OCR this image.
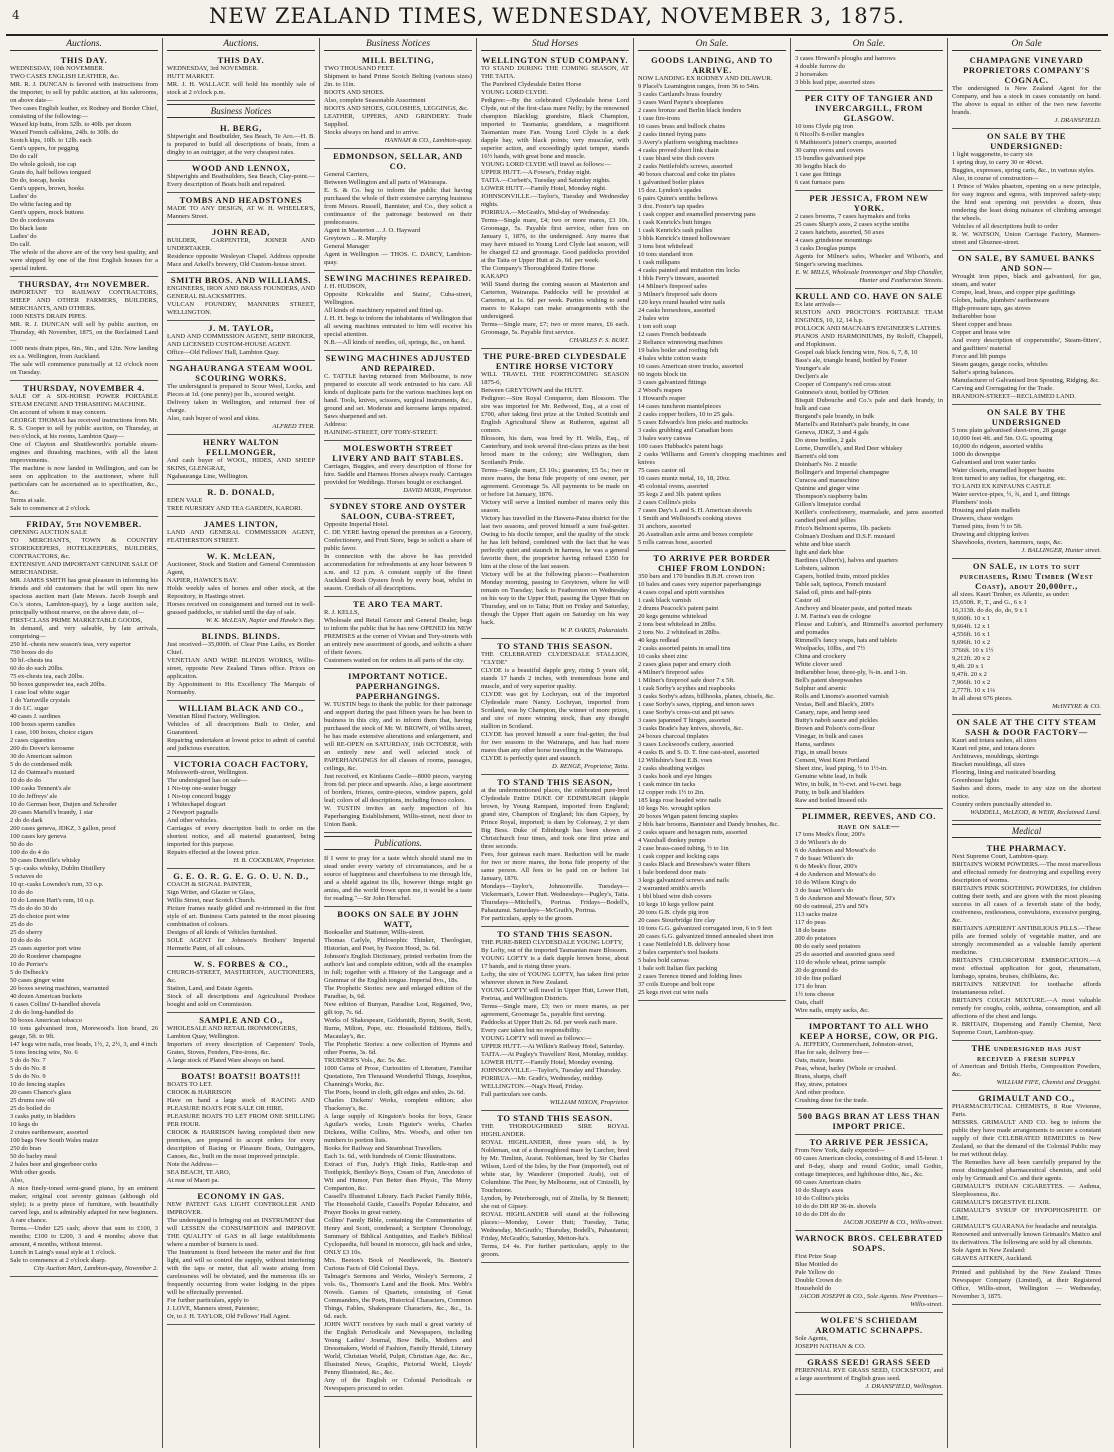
4	NEW ZEALAND TIMES, WEDNESDAY, NOVEMBER 3, 1875.
Auctions.
THIS DAY.
WEDNESDAY, 10th NOVEMBER.
TWO CASES ENGLISH LEATHER, &c.
MR. R. J. DUNCAN is favored with instructions from the importer, to sell by public auction, at his salerooms, on above date—
Two cases English leather, ex Rodney and Border Chief, consisting of the following:—
Waxed kip butts, from 32lb. to 40lb. per dozen
Waxed French calfskins, 24lb. to 30lb. do
Scotch kips, 10lb. to 12lb. each
Gent's uppers, for pegging
Do do calf
Do whole golosh, toe cap
Grain do, half bellows tongued
Do do, toecap, hooks
Gent's uppers, brown, hooks
Ladies' do
Do white facing and tip
Gent's uppers, mock buttons
Do do cordovans
Do black laste
Ladies' do
Do calf.
The whole of the above are of the very best quality, and were shipped by one of the first English houses for a special indent.
THURSDAY, 4th NOVEMBER.
IMPORTANT TO RAILWAY CONTRACTORS, SHEEP AND OTHER FARMERS, BUILDERS, MERCHANTS, AND OTHERS.
1000 NESTS DRAIN PIPES.
MR. R. J. DUNCAN will sell by public auction, on Thursday, 4th November, 1875, on the Reclaimed Land—
1000 nests drain pipes, 6in., 9in., and 12in. Now landing ex s.s. Wellington, from Auckland.
The sale will commence punctually at 12 o'clock noon on Tuesday.
THURSDAY, NOVEMBER 4.
SALE OF A SIX-HORSE POWER PORTABLE STEAM ENGINE AND THRASHING MACHINE.
On account of whom it may concern.
GEORGE THOMAS has received instructions from Mr. R. S. Cooper to sell by public auction, on Thursday, at two o'clock, at his rooms, Lambton Quay—
One of Clayton and Shuttleworth's portable steam-engines and thrashing machines, with all the latest improvements.
The machine is now landed in Wellington, and can be seen on application to the auctioneer, where full particulars can be ascertained as to specification, &c., &c.
Terms at sale.
Sale to commence at 2 o'clock.
FRIDAY, 5th NOVEMBER.
OPENING AUCTION SALE
TO MERCHANTS, TOWN & COUNTRY STOREKEEPERS, HOTELKEEPERS, BUILDERS, CONTRACTORS, &c.
EXTENSIVE AND IMPORTANT GENUINE SALE OF MERCHANDISE.
MR. JAMES SMITH has great pleasure in informing his friends and old customers that he will open his new spacious auction mart (late Messrs. Jacob Joseph and Co.'s stores, Lambton-quay), by a large auction sale, principally without reserve, on the above date, of—
FIRST-CLASS PRIME MARKETABLE GOODS,
In demand, and very saleable, by late arrivals, comprising—
250 hf.-chests new season's teas, very superior
750 boxes do do
50 hf.-chests tea
60 do do each 20lbs.
75 ex-chests tea, each 20lbs.
50 boxes gunpowder tea, each 20lbs.
1 case loaf white sugar
1 do Yarraville crystals
3 do I.C. sugar
40 cases J. sardines
100 boxes sperm candles
1 case, 100 boxes, choice cigars
2 cases cigarettes
200 do Dover's kerosene
30 do American salmon
5 do do condensed milk
12 do Oatmeal's mustard
10 do do do
100 casks Tennent's ale
10 do Jeffreys' ale
10 do German beer, Duijen and Schroder
20 cases Martell's brandy, 1 star
2 do do dark
200 cases geneva, JDKZ, 3 gallon, proof
100 cases key geneva
50 do do
100 do do 4 do
50 cases Dunville's whisky
5 qr.-casks whisky, Dublin Distillery
5 octaves do
10 qr.-casks Lowndes's rum, 33 o.p.
10 do do
10 do Lemon Hart's rum, 10 o.p.
75 do do do 30 do
25 do choice port wine
25 do do
25 do sherry
10 do do do
25 cases superior port wine
20 do Roederer champagne
10 do Perrier's
5 do Delbeck's
50 cases ginger wine
20 boxes sewing machines, warranted
40 dozen American buckets
6 cases Collins' D-handled shovels
2 do do long-handled do
50 boxes American tobacco
10 tons galvanised iron, Morewood's lion brand, 26 gauge, 5ft. to 9ft.
147 kegs wire nails, rose heads, 1½, 2, 2½, 3, and 4 inch
5 tons fencing wire, No. 6
5 do do No. 7
5 do do No. 8
5 do do No. 9
10 do fencing staples
20 cases Chance's glass
25 drums raw oil
25 do boiled do
3 casks putty, in bladders
10 kegs do
2 crates earthenware, assorted
100 bags New South Wales maize
250 do bran
50 do barley meal
2 bales beer and gingerbeer corks
With other goods.
Also,
A nice finely-toned semi-grand piano, by an eminent maker, original cost seventy guineas (although old style); is a pretty piece of furniture, with beautifully carved legs, and is admirably adapted for new beginners. A rare chance.
Terms.—Under £25 cash; above that sum to £100, 3 months; £100 to £200, 3 and 4 months; above that amount, 4 months, without interest.
Lunch in Laing's usual style at 1 o'clock.
Sale to commence at 2 o'clock sharp.
City Auction Mart, Lambton-quay, November 2.
Auctions.
THIS DAY.
WEDNESDAY, 3rd NOVEMBER.
HUTT MARKET.
MR. J. H. WALLACE will hold his monthly sale of stock at 2 o'clock p.m.
Business Notices
H. BERG,
Shipwright and Boatbuilder, Sea Beach, Te Aro.—H. B. is prepared to build all descriptions of boats, from a dinghy to an outrigger, at the very cheapest rates.
WOOD AND LENNOX,
Shipwrights and Boatbuilders, Sea Beach, Clay-point.—Every description of Boats built and repaired.
TOMBS AND HEADSTONES
MADE TO ANY DESIGN, AT W. H. WHEELER'S, Manners Street.
JOHN READ,
BUILDER, CARPENTER, JOINER AND UNDERTAKER.
Residence opposite Wesleyan Chapel. Address opposite Mace and Arkell's brewery, Old Custom-house street.
SMITH BROS. AND WILLIAMS.
ENGINEERS, IRON AND BRASS FOUNDERS, AND GENERAL BLACKSMITHS.
VULCAN FOUNDRY, MANNERS STREET, WELLINGTON.
J. M. TAYLOR,
LAND AND COMMISSION AGENT, SHIP BROKER, AND LICENSED CUSTOM-HOUSE AGENT.
Office—Old Fellows' Hall, Lambton Quay.
NGAHAURANGA STEAM WOOL SCOURING WORKS.
The undersigned is prepared to Scour Wool, Locks, and Pieces at 1d. (one penny) per lb., scoured weight.
Delivery taken in Wellington, and returned free of charge.
Also, cash buyer of wool and skins.
ALFRED TYER.
HENRY WALTON FELLMONGER,
And cash buyer of WOOL, HIDES, AND SHEEP SKINS, GLENGRAE,
Ngahauranga Line, Wellington.
R. D. DONALD,
EDEN VALE
TREE NURSERY AND TEA GARDEN, KARORI.
JAMES LINTON,
LAND AND GENERAL COMMISSION AGENT, FEATHERSTON STREET.
W. K. McLEAN,
Auctioneer, Stock and Station and General Commission Agent,
NAPIER, HAWKE'S BAY.
Holds weekly sales of horses and other stock, at the Repository, in Hastings street.
Horses received on consignment and turned out in well-grassed paddocks, or stabled until the day of sale.
W. K. McLEAN, Napier and Hawke's Bay.
BLINDS. BLINDS.
Just received—35,000ft. of Clear Pine Laths, ex Border Chief.
VENETIAN AND WIRE BLINDS WORKS, Willis-street, opposite New Zealand Times office. Prices on application.
By Appointment to His Excellency The Marquis of Normanby.
WILLIAM BLACK AND CO.,
Venetian Blind Factory, Wellington.
Vehicles of all descriptions Built to Order, and Guaranteed.
Repairing undertaken at lowest price to admit of careful and judicious execution.
VICTORIA COACH FACTORY,
Molesworth-street, Wellington.
The undersigned has on sale—
1 No-top one-seater buggy
1 No-top concord buggy
1 Whitechapel dogcart
2 Newport pagnalls
And other vehicles.
Carriages of every description built to order on the shortest notice, and all material guaranteed, being imported for this purpose.
Repairs effected at the lowest price.
H. B. COCKBURN, Proprietor.
G. E. O. R. G. E. G. O. U. N. D.,
COACH & SIGNAL PAINTER,
Sign Writer, and Glazier or Glass,
Willis Street, near Scotch Church.
Picture frames neatly gilded and re-trimmed in the first style of art. Business Carts painted in the most pleasing combination of colours.
Designs of all kinds of Vehicles furnished.
SOLE AGENT for Johnson's Brothers' Imperial Hermetic Paint, of all colours.
W. S. FORBES & CO.,
CHURCH-STREET, MASTERTON, AUCTIONEERS, &c.
Station, Land, and Estate Agents.
Stock of all descriptions and Agricultural Produce bought and sold on Commission.
SAMPLE AND CO.,
WHOLESALE AND RETAIL IRONMONGERS,
Lambton Quay, Wellington.
Importers of every description of Carpenters' Tools, Grates, Stoves, Fenders, Fire-irons, &c.
A large stock of Plated Ware always on hand.
BOATS! BOATS!! BOATS!!!
BOATS TO LET.
CROOK & HARRISON
Have on hand a large stock of RACING AND PLEASURE BOATS FOR SALE OR HIRE.
PLEASURE BOATS TO LET FROM ONE SHILLING PER HOUR.
CROOK & HARRISON having completed their new premises, are prepared to accept orders for every description of Racing or Pleasure Boats, Outriggers, Canoes, &c., built on the most improved principle.
Note the Address—
SEA BEACH, TE ARO,
At rear of Maori pa.
ECONOMY IN GAS.
NEW PATENT GAS LIGHT CONTROLLER AND IMPROVER.
The undersigned is bringing out an INSTRUMENT that will LESSEN the CONSUMPTION and IMPROVE THE QUALITY of GAS in all large establishments where a number of burners is used.
The Instrument is fixed between the meter and the first light, and will so control the supply, without interfering with the taps or meter, that all waste arising from carelessness will be obviated, and the numerous ills so frequently occurring from water lodging in the pipes will be effectually prevented.
For further particulars, apply to
J. LOVE, Manners street, Patentee;
Or, to J. H. TAYLOR, Old Fellows' Hall Agent.
Business Notices
MILL BELTING,
TWO THOUSAND FEET.
Shipment to hand Prime Scotch Belting (various sizes) 2in. to 11in.
BOOTS AND SHOES.
Also, complete Seasonable Assortment
BOOTS AND SHOES, GOLOSHES, LEGGINGS, &c.
LEATHER, UPPERS, AND GRINDERY. Trade Supplied.
Stocks always on hand and to arrive.
HANNAH & CO., Lambton-quay.
EDMONDSON, SELLAR, AND CO.
General Carriers,
Between Wellington and all parts of Wairarapa.
E. S. & Co. beg to inform the public that having purchased the whole of their extensive carrying business from Messrs. Russell, Bannister, and Co., they solicit a continuance of the patronage bestowed on their predecessors.
Agent in Masterton ... J. O. Hayward
Greytown ... R. Murphy
General Manager
Agent in Wellington — THOS. C. DARCY, Lambton-quay.
SEWING MACHINES REPAIRED.
J. H. HUDSON,
Opposite Kirkcaldie and Stains', Cuba-street, Wellington.
All kinds of machinery repaired and fitted up.
J. H. H. begs to inform the inhabitants of Wellington that all sewing machines entrusted to him will receive his special attention.
N.B.—All kinds of needles, oil, springs, &c., on hand.
SEWING MACHINES ADJUSTED AND REPAIRED.
C. TATTLE having returned from Melbourne, is now prepared to execute all work entrusted to his care. All kinds of duplicate parts for the various machines kept on hand. Tools, knives, scissors, surgical instruments, &c., ground and set. Moderate and kerosene lamps repaired. Saws sharpened and set.
Address:
HAINING-STREET, OFF TORY-STREET.
MOLESWORTH STREET LIVERY AND BAIT STABLES.
Carriages, Buggies, and every description of Horse for hire. Saddle and Harness Horses always ready. Carriages provided for Weddings. Horses bought or exchanged.
DAVID MOIR, Proprietor.
SYDNEY STORE AND OYSTER SALOON, CUBA-STREET,
Opposite Imperial Hotel.
C. DE VERE having opened the premises as a Grocery, Confectionery, and Fruit Store, begs to solicit a share of public favor.
In connection with the above he has provided accommodation for refreshments at any hour between 9 a.m. and 12 p.m. A constant supply of the finest Auckland Rock Oysters fresh by every boat, whilst in season. Cordials of all descriptions.
TE ARO TEA MART.
R. J. KELLS,
Wholesale and Retail Grocer and General Dealer, begs to inform the public that he has now OPENED his NEW PREMISES at the corner of Vivian and Tory-streets with an entirely new assortment of goods, and solicits a share of their favors.
Customers waited on for orders in all parts of the city.
IMPORTANT NOTICE. PAPERHANGINGS. PAPERHANGINGS.
W. TUSTIN begs to thank the public for their patronage and support during the past fifteen years he has been in business in this city, and to inform them that, having purchased the stock of Mr. W. BROWN, of Willis street, he has made extensive alterations and enlargement, and will RE-OPEN on SATURDAY, 16th OCTOBER, with an entirely new and well selected stock of PAPERHANGINGS for all classes of rooms, passages, ceilings, &c.
Just received, ex Kinfauns Castle—8000 pieces, varying from 6d. per piece and upwards. Also, a large assortment of borders, friezes, centre-pieces, window papers, gold leaf; colors of all descriptions, including fresco colors.
W. TUSTIN invites an early inspection of his Paperhanging Establishment, Willis-street, next door to Union Bank.
Publications.
If I were to pray for a taste which should stand me in stead under every variety of circumstances, and be a source of happiness and cheerfulness to me through life, and a shield against its ills, however things might go amiss, and the world frown upon me, it would be a taste for reading."—Sir John Herschel.
BOOKS ON SALE BY JOHN WATT,
Bookseller and Stationer, Willis-street.
Thomas Carlyle, Philosophic Thinker, Theologian, Historian, and Poet, by Paxton Hood, 3s. 6d.
Johnson's English Dictionary, printed verbatim from the author's last and complete edition, with all the examples in full; together with a History of the Language and a Grammar of the English tongue. Imperial 8vo., 18s.
The Prophetic Stories: new and enlarged edition of the Paradise, Is, 6d.
New edition of Bunyan, Paradise Lost, Regained, 9vo, gilt top, 7s. 6d.
Works of Shakespeare, Goldsmith, Byron, Swift, Scott, Burns, Milton, Pope, etc. Household Editions, Bell's, Macaulay's, &c.
The Prophetic Stories: a new collection of Hymns and other Poems, 3s. 6d.
TRUBNER'S Vols., &c. 5s. &c.
1000 Gems of Prose, Curiosities of Literature, Familiar Quotations, Ten Thousand Wonderful Things, Josephus, Channing's Works, &c.
The Poets, bound in cloth, gilt edges and sides, 2s. 6d.
Charles Dickens' Works, complete edition; also Thackeray's, &c.
A large supply of Kingston's books for boys, Grace Aguilar's works, Louis Figuier's works, Charles Dickens, Willie Collins, Mrs. Wood's, and other ten numbers to portion lists.
Books for Railway and Steamboat Travellers.
Each 1s. 6d., with hundreds of Comic Illustrations.
Extract of Fun, Judy's High Jinks, Rattle-trap and Toothpick, Bentley's Boys, Cream of Fun, Anecdotes of Wit and Humor, Fun Better than Physic, The Merry Companion, &c.
Cassell's Illustrated Library. Each Packet Family Bible, The Household Guide, Cassell's Popular Educator, and Prayer Books in great variety.
Collins' Family Bible, containing the Commentaries of Henry and Scott, condensed; a Scripture Chronology, Summary of Biblical Antiquities, and Eadie's Biblical Cyclopaedia, full bound in morocco, gilt back and sides, ONLY £3 10s.
Mrs. Beeton's Book of Needlework, 9s. Beeton's Curious Facts of Old Colonial Days.
Talmage's Sermons and Works, Wesley's Sermons, 2 vols. 6s., Thomson's Land and the Book. Mrs. Webb's Novels. Games of Quartets, consisting of Great Commanders, the Poets, Historical Characters, Common Things, Fables, Shakespeare Characters, &c., &c., 1s. 6d. each.
JOHN WATT receives by each mail a great variety of the English Periodicals and Newspapers, including Young Ladies' Journal, Bow Bells, Mothers and Dressmakers, World of Fashion, Family Herald, Literary World, Christian World, Pulpit, Christian Age, &c. &c., Illustrated News, Graphic, Pictorial World, Lloyds' Penny Illustrated, &c., &c.
Any of the English or Colonial Periodicals or Newspapers procured to order.
Stud Horses
WELLINGTON STUD COMPANY.
TO STAND DURING THE COMING SEASON, AT THE TAITA.
The Purebred Clydesdale Entire Horse
YOUNG LORD CLYDE.
Pedigree:—By the celebrated Clydesdale horse Lord Clyde, out of the first-class mare Nelly; by the renowned champion Blacklug; grandsire, Black Champion, imported to Tasmania; granddam, a magnificent Tasmanian mare Fan. Young Lord Clyde is a dark dapple bay, with black points; very muscular, with superior action, and exceedingly quiet temper, stands 16½ hands, with great bone and muscle.
YOUNG LORD CLYDE will travel as follows:—
UPPER HUTT.—A Fowse's, Friday night.
TAITA.—Corbett's, Tuesday and Saturday nights.
LOWER HUTT.—Family Hotel, Monday night.
JOHNSONVILLE.—Taylor's, Tuesday and Wednesday nights.
PORIRUA.—McGrath's, Mid-day of Wednesday.
Terms—Single mare, £4; two or more mares, £3 10s. Groomage, 5s. Payable first service, other fees on January 1, 1876, to the undersigned. Any mares that may have missed to Young Lord Clyde last season, will be charged £2 and groomage. Good paddocks provided at the Taita or Upper Hutt at 2s. 6d. per week.
The Company's Thoroughbred Entire Horse
KAKAPO
Will Stand during the coming season at Masterton and Carterton, Wairarapa. Paddocks will be provided at Carterton, at 1s. 6d. per week. Parties wishing to send mares to Kakapo can make arrangements with the undersigned.
Terms—Single mare, £7; two or more mares, £6 each. Groomage, 5s. Payable first service.
CHARLES F. S. BURT.
THE PURE-BRED CLYDESDALE ENTIRE HORSE VICTORY
WILL TRAVEL THE FORTHCOMING SEASON 1875-6,
Between GREYTOWN and the HUTT.
Pedigree:—Sire Royal Conqueror, dam Blossom. The sire was imported for Mr. Redwood, Esq., at a cost of £700, after taking first prize at the United Scottish and English Agricultural Show at Rutheron, against all comers.
Blossom, his dam, was bred by H. Wells, Esq., of Canterbury, and took several first-class prizes as the best brood mare in the colony; sire Wellington, dam Scotland's Pride.
Terms—Single mare, £3 10s.; guarantee, £5 5s.; two or more mares, the bona fide property of one owner, per agreement. Groomage 5s. All payments to be made on or before 1st January, 1876.
Victory will serve a limited number of mares only this season.
Victory has travelled in the Hawera-Patea district for the last two seasons, and proved himself a sure foal-getter. Owing to his docile temper, and the quality of the stock he has left behind, combined with the fact that he was perfectly quiet and staunch in harness, he was a general favorite there, the proprietor having refused £350 for him at the close of the last season.
Victory will be at the following places:—Featherston Monday morning, passing to Greytown, where he will remain on Tuesday; back to Featherston on Wednesday on his way to the Upper Hutt, passing the Upper Hutt on Thursday, and on to Taita; Hutt on Friday and Saturday, though the Upper Hutt again on Saturday on his way back.
W. P. OAKES, Pakuratahi.
TO STAND THIS SEASON.
THE CELEBRATED CLYDESDALE STALLION, "CLYDE"
CLYDE is a beautiful dapple grey, rising 5 years old, stands 17 hands 2 inches, with tremendous bone and muscle, and of very superior quality.
CLYDE was got by Lochryan, out of the imported Clydesdale mare Nancy. Lochryan, imported from Scotland, was by Champion, the winner of more prizes, and sire of more winning stock, than any draught stallion in Scotland.
CLYDE has proved himself a sure foal-getter, the foal for two seasons in the Wairarapa, and has had more mares than any other horse travelling in the Wairarapa.
CLYDE is perfectly quiet and staunch.
D. RENGE, Proprietor, Taita.
TO STAND THIS SEASON,
at the undermentioned places, the celebrated pure-bred Clydesdale Entire DUKE OF EDINBURGH (dapple brown, by Young Rampant, imported from England; grand sire, Champion of England; his dam Gipsey, by Prince Royal, imported; is dam by Colonsay, 2 yr dam Big Bess. Duke of Edinburgh has been shown at Christchurch four times, and took one first prize and three seconds.
Fees, four guineas each mare. Reduction will be made for two or more mares, the bona fide property of the same person. All fees to be paid on or before 1st January, 1876.
Mondays—Taylor's, Johnsonville. Tuesdays—Vickerman's, Lower Hutt. Wednesdays—Pugley's, Taita. Thursdays—Mitchell's, Porirua. Fridays—Bodell's, Pahautanui. Saturdays—McGrath's, Porirua.
For particulars, apply to the groom.
TO STAND THIS SEASON.
THE PURE-BRED CLYDESDALE YOUNG LOFTY,
By Lofty, out of the imported Tasmanian mare Blossom.
YOUNG LOFTY is a dark dapple brown horse, about 17 hands, and is rising three years.
Lofty, the sire of YOUNG LOFTY, has taken first prize wherever shown in New Zealand.
YOUNG LOFTY will travel in Upper Hutt, Lower Hutt, Porirua, and Wellington Districts.
Terms—Single mare, £3; two or more mares, as per agreement, Groomage 5s., payable first serving.
Paddocks at Upper Hutt 2s. 6d. per week each mare.
Every care taken but no responsibility.
YOUNG LOFTY will travel as follows:—
UPPER HUTT.—At Wilkin's Railway Hotel, Saturday.
TAITA.—At Pugley's Travellers' Rest, Monday, midday.
LOWER HUTT.—Family Hotel, Monday evening.
JOHNSONVILLE.—Taylor's, Tuesday and Thursday.
PORIRUA.—Mr. Grath's, Wednesday, midday.
WELLINGTON.—Nag's Head, Friday.
Full particulars see cards.
WILLIAM NIXON, Proprietor.
TO STAND THIS SEASON.
THE THOROUGHBRED SIRE ROYAL HIGHLANDER.
ROYAL HIGHLANDER, three years old, is by Nobleman, out of a thoroughbred mare by Lurcher, bred by Mr. Timlinn, Ararat. Nobleman, bred by Sir Charles Wilson, Lord of the Isles, by the Fear (imported), out of white star, by Wanderer (imported Arab), out of Columbine. The Peer, by Melbourne, out of Cinizelli, by Touchstone.
Lyndon, by Peterborough, out of Zitella, by St Bennett; she out of Gipsey.
ROYAL HIGHLANDER will stand at the following places:—Monday, Lower Hutt; Tuesday, Taita; Wednesday, McGrath's; Thursday, Bodell's, Pahautanui; Friday, McGrath's; Saturday, Meiton-ha's.
Terms, £4 4s. For further particulars, apply to the groom.
On Sale.
GOODS LANDING, AND TO ARRIVE.
NOW LANDING EX RODNEY AND DILAWUR.
9 Placel's Leamington ranges, from 36 to 54in.
3 casks Cartland's brass foundry
3 cases Ward Payne's shoeplanes
2 cases bronze and Berlin black fenders
1 case fire-irons
10 cases brass and bullock chains
2 casks tinned frying pans
3 Avery's platform weighing machines
4 casks proved short link chain
1 case blued wire dish covers
2 casks Nettlefold's screws, assorted
40 boxes charcoal and coke tin plates
1 galvanised boiler plates
15 doz. Lyndon's spades
6 pairs Quinn's smiths bellows
3 doz. Foster's tap spades
1 cask copper and enamelled preserving pans
1 cask Kenrick's butt hinges
1 cask Kenrick's sash pullies
3 bbls Kenrick's tinned hollowware
3 tons best whitelead
10 tons standard iron
1 cask milkpans
4 casks painted and imitation rim locks
1 bbls Ferry's tinware, assorted
14 Milner's fireproof safes
3 Milner's fireproof safe doors
120 keys round headed wire nails
24 casks horseshoes, assorted
2 bales wire
1 ton soft soap
12 cases French bedsteads
2 Reliance winnowing machines
19 bales boiler and roofing felt
4 bales white cotton waste
10 cases American store trucks, assorted
60 ingots block tin
3 cases galvanized fittings
2 Wood's reapers
1 Howard's reaper
14 cases tuncheon mantelpieces
2 casks copper boilers, 10 to 25 gals.
5 cases Edwards's lion pieks and mattocks
3 casks grubbing and Canadian hoes
3 bales wavy canvas
100 cases Hubback's patent hags
2 casks Williams and Green's chopping machines and knives
75 cases castor oil
10 cases muntz metal, 16, 18, 20oz.
45 colonial ovens, assorted
35 kegs 2 and 3lb. patent spikes
2 cases Collins's picks
7 cases Day's L and S. H. American shovels
1 Smith and Wellstood's cooking stoves
31 anchors, assorted
26 Australian axle arms and boxes complete
5 rolls canvas hose, assorted
TO ARRIVE PER BORDER CHIEF FROM LONDON:
350 bars and 170 bundles B.B.H. crown iron
10 bales and cases very superior paperhangings
4 cases copal and spirit varnishes
1 cask black varnish
2 drums Peacock's patent paint
20 kegs genuine whitelead
2 tons best whitelead in 28lbs.
2 tons No. 2 whitelead in 28lbs.
40 kegs redlead
2 casks assorted paints in small tins
10 casks sheet zinc
2 cases glass paper and emery cloth
4 Milner's fireproof safes
1 Milner's fireproof safe door 7 x 5ft.
1 cask Sorby's scythes and reaphooks
3 casks Sorby's adzes, billhooks, planes, chisels, &c.
1 case Sorby's saws, ripping, and tenon saws
1 case Sorby's cross-cut and pit saws
3 cases japanned T hinges, assorted
3 casks Brade's hay knives, shovels, &c.
24 boxes charcoal tinplates
3 cases Lockwood's cutlery, assorted
4 casks B. and S. D. T. fine cast-steel, assorted
12 Wiltshire's best E.B. voes
2 casks sheathing wedges
3 casks hook and eye hinges
1 cask mince tin tacks
12 copper rods 1½ to 2in.
185 kegs rose headed wire nails
10 kegs No. wrought spikes
20 boxes Wigan patent fencing staples
2 bbls hair brooms, Bannister and Dandy brushes, &c.
2 casks square and hexagon nuts, assorted
4 Vauxhall donkey pumps
2 case brass-cased tubing, ½ to 1in
1 cask copper and locking caps
3 casks Black and Brewshaw's water filters
1 bale bordered door mats
3 kegs galvanized screws and nails
2 warranted smith's anvils
1 bbl blued wire dish covers
10 kegs 10 kegs yellow paint
20 tons G.B. clyde pig iron
20 cases Stourbridge fire clay
10 tons G.G. galvanized corrugated iron, 6 to 9 feet
20 cases G.G. galvanized tinned annealed sheet iron
1 case Nettlefold I.B. delivery hose
2 bales carpenter's tool baskets
5 bales bold canvas
1 bale soft Italian flax packing
2 cases Terence tinned and folding lines
37 coils Europe and bolt rope
25 kegs rivet cut wire nails
On Sale.
3 cases Howard's ploughs and harrows
4 double furrow do
2 horserakes
3 bbls lead pipe, assorted sizes
PER CITY OF TANGIER AND INVERCARGILL, FROM GLASGOW.
10 tons Clyde pig iron
6 Nicoll's 8-roller mangles
6 Mathieson's joiner's cramps, assorted
30 camp ovens and covers
15 bundles galvanised pipe
30 lengths black do
1 case gas fittings
6 cast furnace pans
PER JESSICA, FROM NEW YORK.
2 cases brooms, 7 cases haymakes and forks
25 cases Sharp's axes, 2 cases scythe smiths
2 cases hatchets, assorted, 50 axes
4 cases grindstone mountings
3 casks Douglas pumps
Agents for Milner's safes, Wheeler and Wilson's, and Singer's sewing machines.
E. W. MILLS, Wholesale Ironmonger and Ship Chandler, Hunter and Featherston Streets.
KRULL AND CO. HAVE ON SALE
Ex late arrivals—
RUSTON AND PROCTOR'S PORTABLE TEAM ENGINES, 10, 12, 14 h.p.
POLLOCK AND MACNAB'S ENGINEER'S LATHES.
PIANOS AND HARMONIUMS, By Roloff, Chappell, and Hopkinson.
Gospel oak black fencing wire, Nos. 6, 7, 8, 10
Bass's ale, triangle brand, bottled by Foster
Younger's ale
Decljen's ale
Cooper of Company's red cross stout
Guinness's stout, bottled by O'Brien
Bisquit Dubouche and Co.'s pale and dark brandy, in bulk and case
Burgand's pale brandy, in bulk
Martell's and Reinhart's pale brandy, in case
Geneva, JDKZ, 3 and 4 gals
Do stone bottles, 2 gals
Lorne, Dunville's, and Red Deer whiskey
Barrett's old tom
Doinhart's No. 2 mustle
Bollinger's and Imperial champagne
Curacoa and maraschino
Quinine and ginger wine
Thompson's raspberry balm
Gillon's limejuice cordial
Keiller's confectionery, marmalade, and jams assorted candied peel and jellies
Frico's Belmont sperms, 1lb. packets
Colman's Doxham and D.S.F. mustard
white and blue starch
light and dark blue
Bardines (Albert's), halves and quarters
Lobsters, salmon
Capers, bottled fruits, mixed pickles
Table salt, tapioca, French mustard
Salad oil, pints and half-pints
Castor oil
Anchovy and bloater paste, and potted meats
J. M. Farina's eau de cologne
Fleuse and Lubin's, and Rimmell's assorted perfumery and pomades
Rimmell's fancy soaps, hats and tablets
Woolpacks, 10lbs., and 7½
China and crockery
White clover seed
Indiarubber hose, three-ply, ¾-in. and 1-in.
Bell's patent sheepwashes
Sulphur and arsenic
Rolls and Linoms's assorted varnish
Vestas, Bell and Black's, 200's
Canary, rape, and hemp seed
Butty's naboh sauce and pickles
Brown and Polson's corn-flour
Vinegar, in bulk and cases
Hams, sardines
Figs, in small boxes
Cement, West Kent Portland
Sheet zinc, lead piping, ½ to 1½-in.
Genuine white lead, in bulk
Wire, in bulk, in ½-cwt. and ⅛-cwt. bags
Putty, in bulk and bladders
Raw and boiled linseed oils
PLIMMER, REEVES, AND CO. have on sale—
17 tons Meek's flour, 200's
3 do Wilson's do do
6 do Anderson and Mowat's do
7 do Isaac Wilson's do
6 do Meek's flour, 200's
4 do Anderson and Mowat's do
10 do Wilson King's do
3 do Isaac Wilson's do
5 do Anderson and Mowat's flour, 50's
60 do oatmeal, 25's and 50's
113 sacks maize
117 do peas
18 do beans
200 do potatoes
80 do early seed potatoes
25 do assorted and assorted grass seed
110 do whole wheat, prime sample
20 do ground do
10 do fine pollard
171 do bran
1½ tons cheese
Oats, chaff
Wire nails, empty sacks, &c.
IMPORTANT TO ALL WHO KEEP A HORSE, COW, OR PIG.
A. JEFFERY, Cornmerchant, Johnston-street,
Has for sale, delivery free—
Oats, maize, beans
Peas, wheat, barley (Whole or crushed.
Brans, sharps, chaff
Hay, straw, potatoes
And other produce.
Crushing done for the trade.
500 BAGS BRAN AT LESS THAN IMPORT PRICE.
TO ARRIVE PER JESSICA,
From New York, daily expected—
60 cases American clocks, consisting of 8 and 15-hour. 1 and 8-day, sharp and round Gothic, small Gothic, cottage timepieces, and lighthouse ditto, &c., &c.
60 cases American chairs
10 do Sharp's axes
10 do Collins's picks
10 do do DH RP 36-in. shovels
10 do do DH do do
JACOB JOSEPH & CO., Willis-street.
WARNOCK BROS. CELEBRATED SOAPS.
First Prize Soap
Blue Mottled do
Pale Yellow do
Double Crown do
Household do
JACOB JOSEPH & CO., Sole Agents. New Premises—Willis-street.
WOLFE'S SCHIEDAM AROMATIC SCHNAPPS.
Sole Agents,
JOSEPH NATHAN & CO.
GRASS SEED! GRASS SEED
PERENNIAL RYE GRASS SEED, COCKSFOOT, and a large assortment of English grass seed.
J. DRANSFIELD, Wellington.
On Sale
CHAMPAGNE VINEYARD PROPRIETORS COMPANY'S COGNAC.
The undersigned is New Zealand Agent for the Company, and has a stock in cases constantly on hand. The above is equal to either of the two new favorite brands.
J. DRANSFIELD.
ON SALE BY THE UNDERSIGNED:
1 light waggonette, to carry six
1 spring dray, to carry 30 or 40cwt.
Buggies, expresses, spring carts, &c., in various styles.
Also, in course of construction—
1 Prince of Wales phaeton, opening on a new principle, for easy ingress and egress, with improved safety-step; the hind seat opening out provides a dozen, thus rendering the least doing nuisance of climbing amongst the wheels.
Vehicles of all descriptions built to order
R. W. WATSON, Union Carriage Factory, Manners-street and Ghuznee-street.
ON SALE, BY SAMUEL BANKS AND SON—
Wrought iron pipes, black and galvanised, for gas, steam, and water
Compo, lead, brass, and copper pipe gasfittings
Globes, baths, plumbers' earthenware
High-pressure taps, gas stoves
Indiarubber hose
Sheet copper and brass
Copper and brass wire
And every description of coppersmiths', Steam-fitters', and gasfitters' material
Force and lift pumps
Steam gauges, gauge cocks, whistles
Salter's spring balances.
Manufacturer of Galvanised Iron Spouting, Ridging, &c.
Carving and Corrugating for the Trade.
BRANDON-STREET—RECLAIMED LAND.
ON SALE BY THE UNDERSIGNED
5 tons plain galvanised sheet-iron, 28 gauge
10,000 feet 4ft. and 5in. O.G. spouting
10,000 do ridgeon, assorted widths
1000 do downpipe
Galvanised and iron water tanks
Water closets, enamelled hopper basins
Iron turned to any radius, for chargeing, etc.
TO LAND EX KINFAUNS CASTLE
Water service-pipes, ½, ¾, and 1, and fittings
Plumbers' tools
Housing and plain mallets
Drawers, chase wedges
Turned pins, from ½ to 5ft.
Drawing and chipping knives
Shavehooks, riveters, hammers, rasps, &c.
J. BALLINGER, Hunter street.
ON SALE, in lots to suit purchasers, Rimu Timber (West Coast), about 20,000ft.,
all sizes. Kauri Timber, ex Atlantic, as under:
15,650ft. P., T., and G., 6 x 1
16,313ft. do do, do, do, 9 x 1
9,660ft. 10 x 1
9,664ft. 12 x 1
4,556ft. 16 x 1
9,696ft. 10 x 2
3766ft. 10 x 1½
9,212ft. 20 x 2
9,4ft. 20 x 1
9,47ft. 20 x 2
7,966ft. 10 x 2
2,777ft. 10 x 1¼
In all about 676 pieces.
McINTYRE & CO.
ON SALE AT THE CITY STEAM SASH & DOOR FACTORY—
Kauri and totara sashes, all sizes
Kauri red pine, and totara doors
Architraves, mouldings, skirtings
Bracket mouldings, all sizes
Flooring, lining and rusticated boarding
Greenhouse lights
Sashes and doors, made to any size on the shortest notice.
Country orders punctually attended to.
WADDELL, McLEOD, & WEIR, Reclaimed Land.
Medical
THE PHARMACY.
Next Supreme Court, Lambton-quay.
BRITAIN'S WORM POWDERS.—The most marvellous and effectual remedy for destroying and expelling every description of worms.
BRITAIN'S PINK SOOTHING POWDERS, for children cutting their teeth, and are given with the most pleasing success in all cases of a feverish state of the body, costiveness, restlessness, convulsions, excessive purging, &c.
BRITAIN'S APERIENT ANTIBILIOUS PILLS.—These pills are formed solely of vegetable matter, and are strongly recommended as a valuable family aperient medicine.
BRITAIN'S CHLOROFORM EMBROCATION.—A most effectual application for gout, rheumatism, lumbago, sprains, bruises, chilblains, &c.
BRITAIN'S NERVINE for toothache affords instantaneous relief.
BRITAIN'S COUGH MIXTURE.—A most valuable remedy for coughs, colds, asthma, consumption, and all affections of the chest and lungs.
R. BRITAIN, Dispensing and Family Chemist, Next Supreme Court, Lambton-quay.
THE undersigned has just received a fresh supply
of American and British Herbs, Composition Powders, &c.
WILLIAM FIFE, Chemist and Druggist.
GRIMAULT AND CO.,
PHARMACEUTICAL CHEMISTS, 8 Rue Vivienne, Paris.
MESSRS. GRIMAULT AND CO. beg to inform the public they have made arrangements to secure a constant supply of their CELEBRATED REMEDIES in New Zealand, so that the demand of the Colonial Public may be met without delay.
The Remedies have all been carefully prepared by the most distinguished pharmaceutical chemists, and sold only by Grimault and Co. and their agents.
GRIMAULT'S INDIAN CIGARETTES. — Asthma, Sleeplessness, &c.
GRIMAULT'S DIGESTIVE ELIXIR.
GRIMAULT'S SYRUP OF HYPOPHOSPHITE OF LIME.
GRIMAULT'S GUARANA for headache and neuralgia.
Renowned and universally known Grimault's Matico and its derivatives. The following are sold by all chemists.
Sole Agent in New Zealand:
GRAVES AITKEN, Auckland.
Printed and published by the New Zealand Times Newspaper Company (Limited), at their Registered Office, Willis-street, Wellington — Wednesday, November 3, 1875.
